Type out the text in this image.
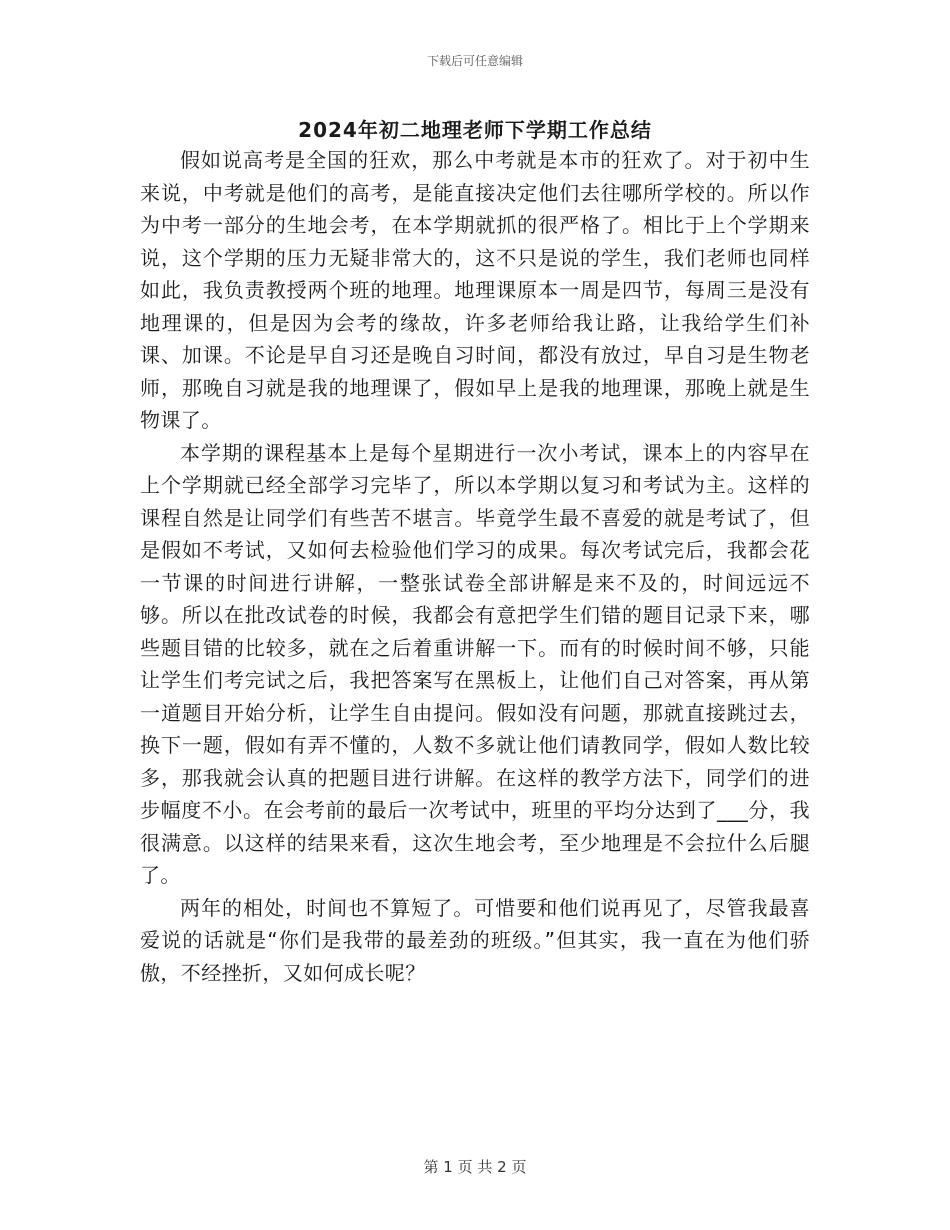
下载后可任意编辑
2024年初二地理老师下学期工作总结

假如说高考是全国的狂欢，那么中考就是本市的狂欢了。对于初中生来说，中考就是他们的高考，是能直接决定他们去往哪所学校的。所以作为中考一部分的生地会考，在本学期就抓的很严格了。相比于上个学期来说，这个学期的压力无疑非常大的，这不只是说的学生，我们老师也同样如此，我负责教授两个班的地理。地理课原本一周是四节，每周三是没有地理课的，但是因为会考的缘故，许多老师给我让路，让我给学生们补课、加课。不论是早自习还是晚自习时间，都没有放过，早自习是生物老师，那晚自习就是我的地理课了，假如早上是我的地理课，那晚上就是生物课了。

本学期的课程基本上是每个星期进行一次小考试，课本上的内容早在上个学期就已经全部学习完毕了，所以本学期以复习和考试为主。这样的课程自然是让同学们有些苦不堪言。毕竟学生最不喜爱的就是考试了，但是假如不考试，又如何去检验他们学习的成果。每次考试完后，我都会花一节课的时间进行讲解，一整张试卷全部讲解是来不及的，时间远远不够。所以在批改试卷的时候，我都会有意把学生们错的题目记录下来，哪些题目错的比较多，就在之后着重讲解一下。而有的时候时间不够，只能让学生们考完试之后，我把答案写在黑板上，让他们自己对答案，再从第一道题目开始分析，让学生自由提问。假如没有问题，那就直接跳过去，换下一题，假如有弄不懂的，人数不多就让他们请教同学，假如人数比较多，那我就会认真的把题目进行讲解。在这样的教学方法下，同学们的进步幅度不小。在会考前的最后一次考试中，班里的平均分达到了___分，我很满意。以这样的结果来看，这次生地会考，至少地理是不会拉什么后腿了。

两年的相处，时间也不算短了。可惜要和他们说再见了，尽管我最喜爱说的话就是“你们是我带的最差劲的班级。”但其实，我一直在为他们骄傲，不经挫折，又如何成长呢？

第 1 页 共 2 页
